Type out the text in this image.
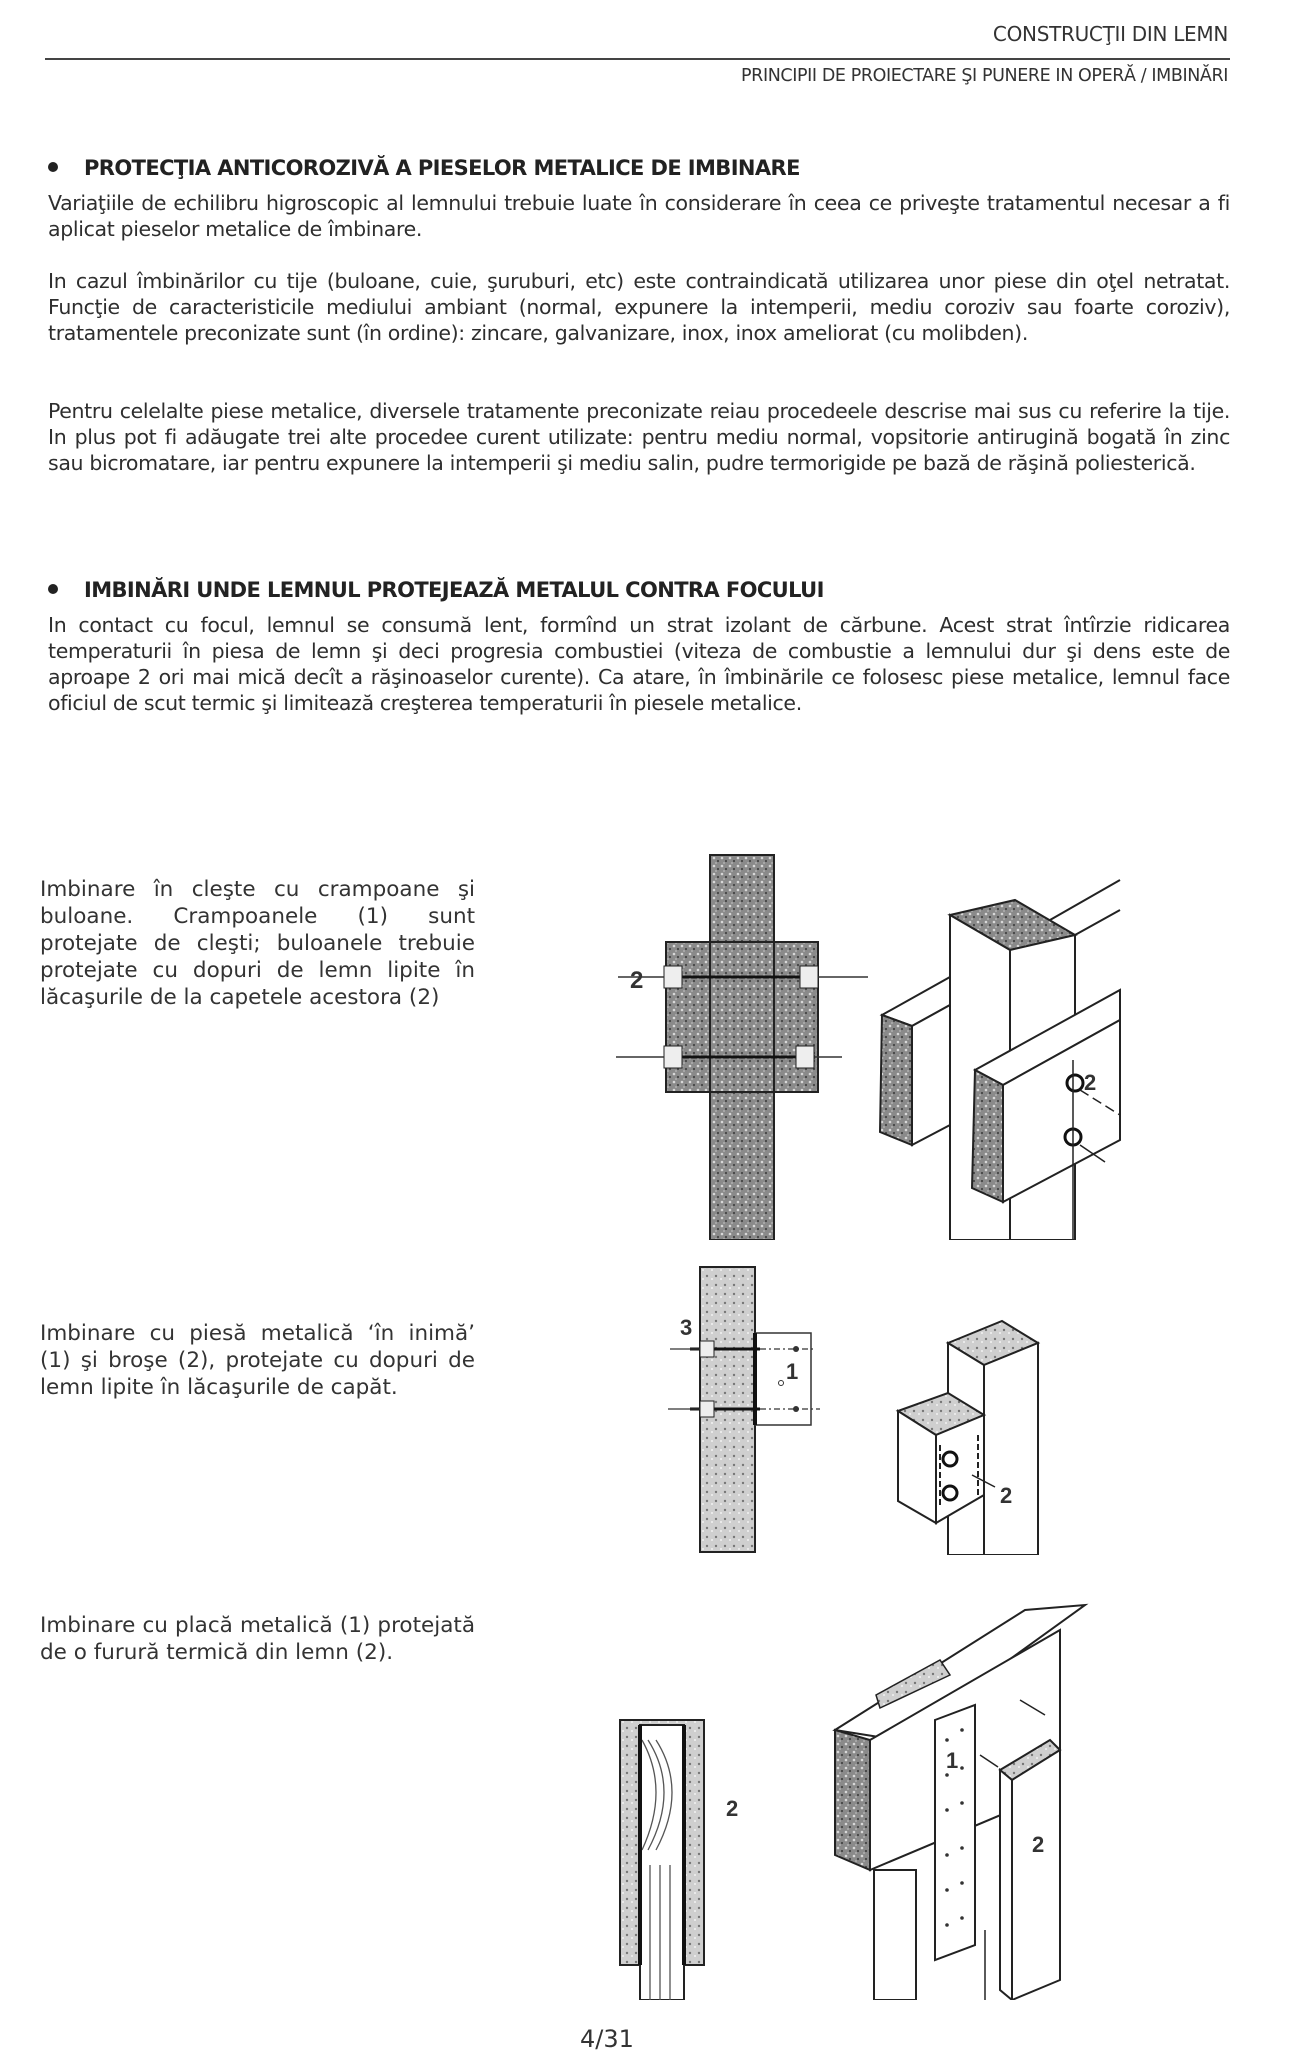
CONSTRUCŢII DIN LEMN
PRINCIPII DE PROIECTARE ŞI PUNERE IN OPERĂ / IMBINĂRI
PROTECŢIA ANTICOROZIVĂ A PIESELOR METALICE DE IMBINARE
Variaţiile de echilibru higroscopic al lemnului trebuie luate în considerare în ceea ce priveşte tratamentul necesar a fi aplicat pieselor metalice de îmbinare.
In cazul îmbinărilor cu tije (buloane, cuie, şuruburi, etc) este contraindicată utilizarea unor piese din oţel netratat. Funcţie de caracteristicile mediului ambiant (normal, expunere la intemperii, mediu coroziv sau foarte coroziv), tratamentele preconizate sunt (în ordine): zincare, galvanizare, inox, inox ameliorat (cu molibden).
Pentru celelalte piese metalice, diversele tratamente preconizate reiau procedeele descrise mai sus cu referire la tije. In plus pot fi adăugate trei alte procedee curent utilizate: pentru mediu normal, vopsitorie antirugină bogată în zinc sau bicromatare, iar pentru expunere la intemperii şi mediu salin, pudre termorigide pe bază de răşină poliesterică.
IMBINĂRI UNDE LEMNUL PROTEJEAZĂ METALUL CONTRA FOCULUI
In contact cu focul, lemnul se consumă lent, formînd un strat izolant de cărbune. Acest strat întîrzie ridicarea temperaturii în piesa de lemn şi deci progresia combustiei (viteza de combustie a lemnului dur şi dens este de aproape 2 ori mai mică decît a răşinoaselor curente). Ca atare, în îmbinările ce folosesc piese metalice, lemnul face oficiul de scut termic şi limitează creşterea temperaturii în piesele metalice.
Imbinare în cleşte cu crampoane şi buloane. Crampoanele (1) sunt protejate de cleşti; buloanele trebuie protejate cu dopuri de lemn lipite în lăcaşurile de la capetele acestora (2)
Imbinare cu piesă metalică ‘în inimă’ (1) şi broşe (2), protejate cu dopuri de lemn lipite în lăcaşurile de capăt.
Imbinare cu placă metalică (1) protejată de o furură termică din lemn (2).
2
2
3
1
2
2
1
2
4/31
